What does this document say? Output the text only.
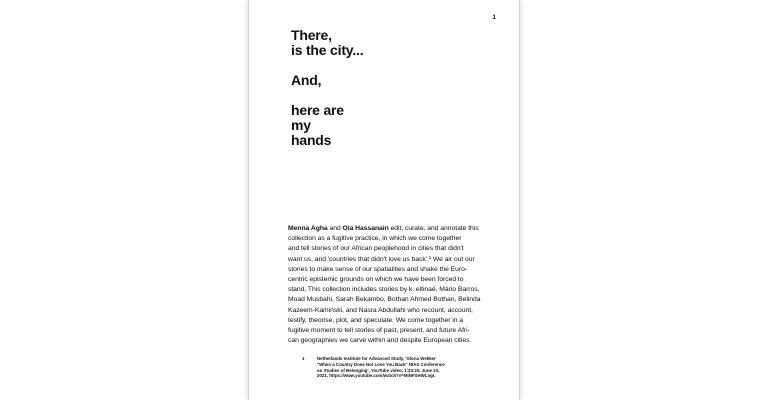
1
There,
is the city...
And,
here are
my
hands
Menna Agha and Ola Hassanain edit, curate, and annotate this
collection as a fugitive practice, in which we come together
and tell stories of our African peoplehood in cities that didn't
want us, and 'countries that didn't love us back'.¹ We air out our
stories to make sense of our spatialities and shake the Euro-
centric epistemic grounds on which we have been forced to
stand. This collection includes stories by k. eltinaé, Mário Barros,
Moad Musbahi, Sarah Bekambo, Bothan Ahmed Bothan, Belinda
Kazeem-Kamiński, and Nasra Abdullahi who recount, account,
testify, theorise, plot, and speculate. We come together in a
fugitive moment to tell stories of past, present, and future Afri-
can geographies we carve within and despite European cities.
1	Netherlands Institute for Advanced Study, 'Gloria Wekker
"When a Country Does Not Love You Back" NIAS Conference
on Studies of Belonging', YouTube video, 1:33:20, June 10,
2021, https://www.youtube.com/watch?v=MiNFSHWLngI.
